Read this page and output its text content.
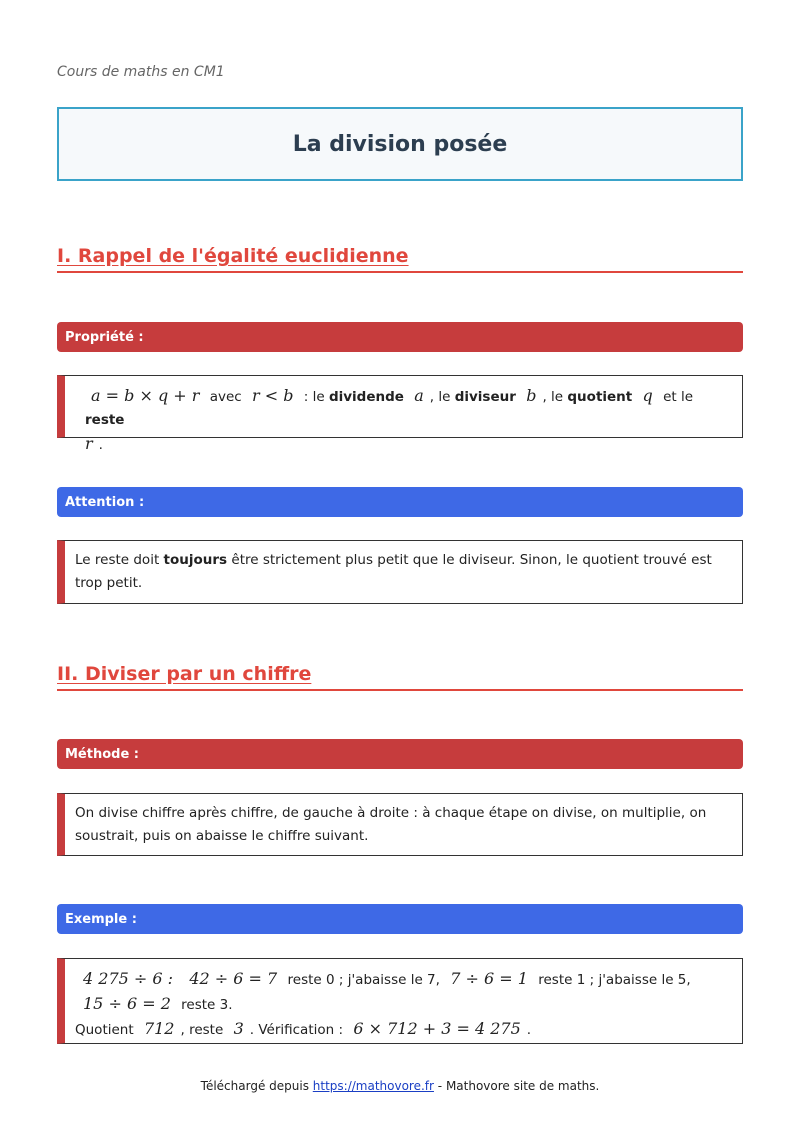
Cours de maths en CM1
La division posée
I. Rappel de l'égalité euclidienne
Propriété :
a = b × q + r avec r < b : le dividende a , le diviseur b , le quotient q et le reste
r .
Attention :
Le reste doit toujours être strictement plus petit que le diviseur. Sinon, le quotient trouvé est trop petit.
II. Diviser par un chiffre
Méthode :
On divise chiffre après chiffre, de gauche à droite : à chaque étape on divise, on multiplie, on soustrait, puis on abaisse le chiffre suivant.
Exemple :
4 275 ÷ 6 : 42 ÷ 6 = 7 reste 0 ; j'abaisse le 7, 7 ÷ 6 = 1 reste 1 ; j'abaisse le 5,
15 ÷ 6 = 2 reste 3.
Quotient 712 , reste 3 . Vérification : 6 × 712 + 3 = 4 275 .
Téléchargé depuis https://mathovore.fr - Mathovore site de maths.
